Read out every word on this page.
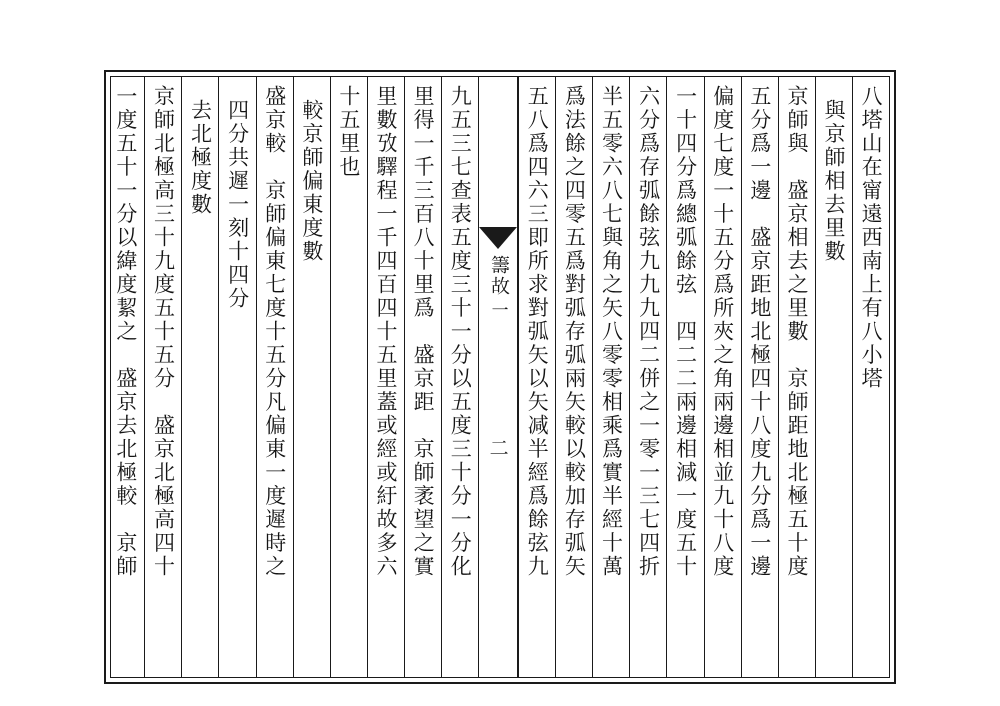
八塔山在甯遠西南上有八小塔
與京師相去里數
京師與　盛京相去之里數　京師距地北極五十度
五分爲一邊　盛京距地北極四十八度九分爲一邊
偏度七度一十五分爲所夾之角兩邊相並九十八度
一十四分爲總弧餘弦　四二二兩邊相減一度五十
六分爲存弧餘弦九九九四二併之一零一三七四折
半五零六八七與角之矢八零零相乘爲實半經十萬
爲法餘之四零五爲對弧存弧兩矢較以較加存弧矢
五八爲四六三即所求對弧矢以矢减半經爲餘弦九
籌故
一
二
九五三七查表五度三十一分以五度三十分一分化
里得一千三百八十里爲　盛京距　京師袤望之實
里數攷驛程一千四百四十五里蓋或經或紆故多六
十五里也
較京師偏東度數
盛京較　京師偏東七度十五分凡偏東一度遲時之
四分共遲一刻十四分
去北極度數
京師北極高三十九度五十五分　盛京北極高四十
一度五十一分以緯度絜之　盛京去北極較　京師
